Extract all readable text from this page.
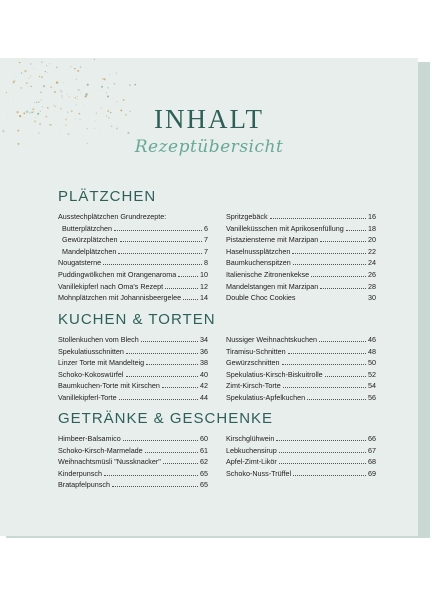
INHALT
Rezeptübersicht
PLÄTZCHEN
Ausstechplätzchen Grundrezepte:
Butterplätzchen	6
Gewürzplätzchen	7
Mandelplätzchen	7
Nougatsterne	8
Puddingwölkchen mit Orangenaroma	10
Vanillekipferl nach Oma's Rezept	12
Mohnplätzchen mit Johannisbeergelee	14
Spritzgebäck	16
Vanilleküsschen mit Aprikosenfüllung	18
Pistaziensterne mit Marzipan	20
Haselnussplätzchen	22
Baumkuchenspitzen	24
Italienische Zitronenkekse	26
Mandelstangen mit Marzipan	28
Double Choc Cookies	30
KUCHEN & TORTEN
Stollenkuchen vom Blech	34
Spekulatiusschnitten	36
Linzer Torte mit Mandelteig	38
Schoko-Kokoswürfel	40
Baumkuchen-Torte mit Kirschen	42
Vanillekipferl-Torte	44
Nussiger Weihnachtskuchen	46
Tiramisu-Schnitten	48
Gewürzschnitten	50
Spekulatius-Kirsch-Biskuitrolle	52
Zimt-Kirsch-Torte	54
Spekulatius-Apfelkuchen	56
GETRÄNKE & GESCHENKE
Himbeer-Balsamico	60
Schoko-Kirsch-Marmelade	61
Weihnachtsmüsli "Nussknacker"	62
Kinderpunsch	65
Bratapfelpunsch	65
Kirschglühwein	66
Lebkuchensirup	67
Apfel-Zimt-Likör	68
Schoko-Nuss-Trüffel	69
